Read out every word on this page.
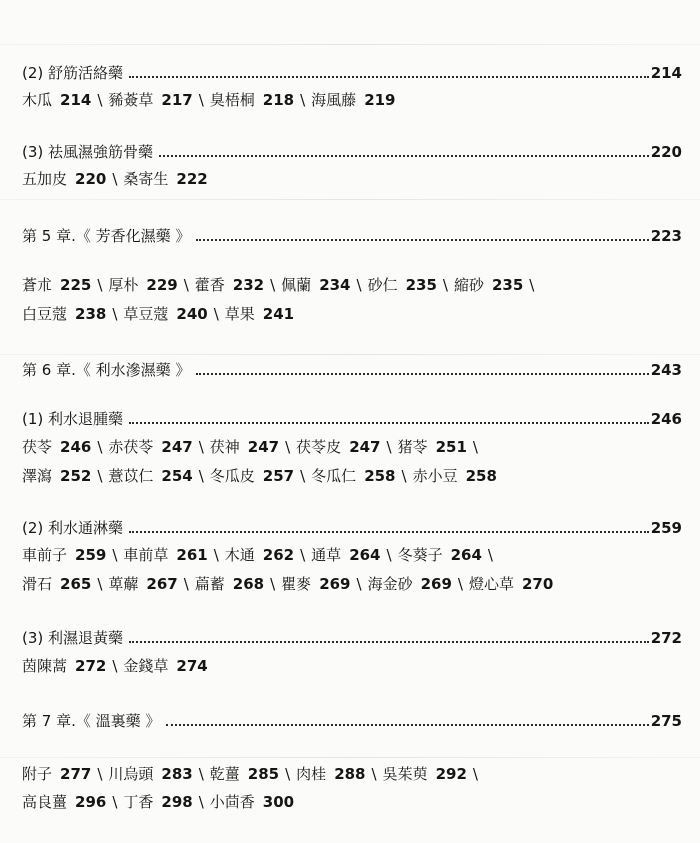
(2) 舒筋活絡藥	214
木瓜 214 \ 豨薟草 217 \ 臭梧桐 218 \ 海風藤 219
(3) 祛風濕強筋骨藥	220
五加皮 220 \ 桑寄生 222
第 5 章.《 芳香化濕藥 》	223
蒼朮 225 \ 厚朴 229 \ 藿香 232 \ 佩蘭 234 \ 砂仁 235 \ 縮砂 235 \
白豆蔻 238 \ 草豆蔻 240 \ 草果 241
第 6 章.《 利水滲濕藥 》	243
(1) 利水退腫藥	246
茯苓 246 \ 赤茯苓 247 \ 茯神 247 \ 茯苓皮 247 \ 猪苓 251 \
澤瀉 252 \ 薏苡仁 254 \ 冬瓜皮 257 \ 冬瓜仁 258 \ 赤小豆 258
(2) 利水通淋藥	259
車前子 259 \ 車前草 261 \ 木通 262 \ 通草 264 \ 冬葵子 264 \
滑石 265 \ 萆薢 267 \ 萹蓄 268 \ 瞿麥 269 \ 海金砂 269 \ 燈心草 270
(3) 利濕退黃藥	272
茵陳蒿 272 \ 金錢草 274
第 7 章.《 溫裏藥 》	275
附子 277 \ 川烏頭 283 \ 乾薑 285 \ 肉桂 288 \ 吳茱萸 292 \
高良薑 296 \ 丁香 298 \ 小茴香 300
